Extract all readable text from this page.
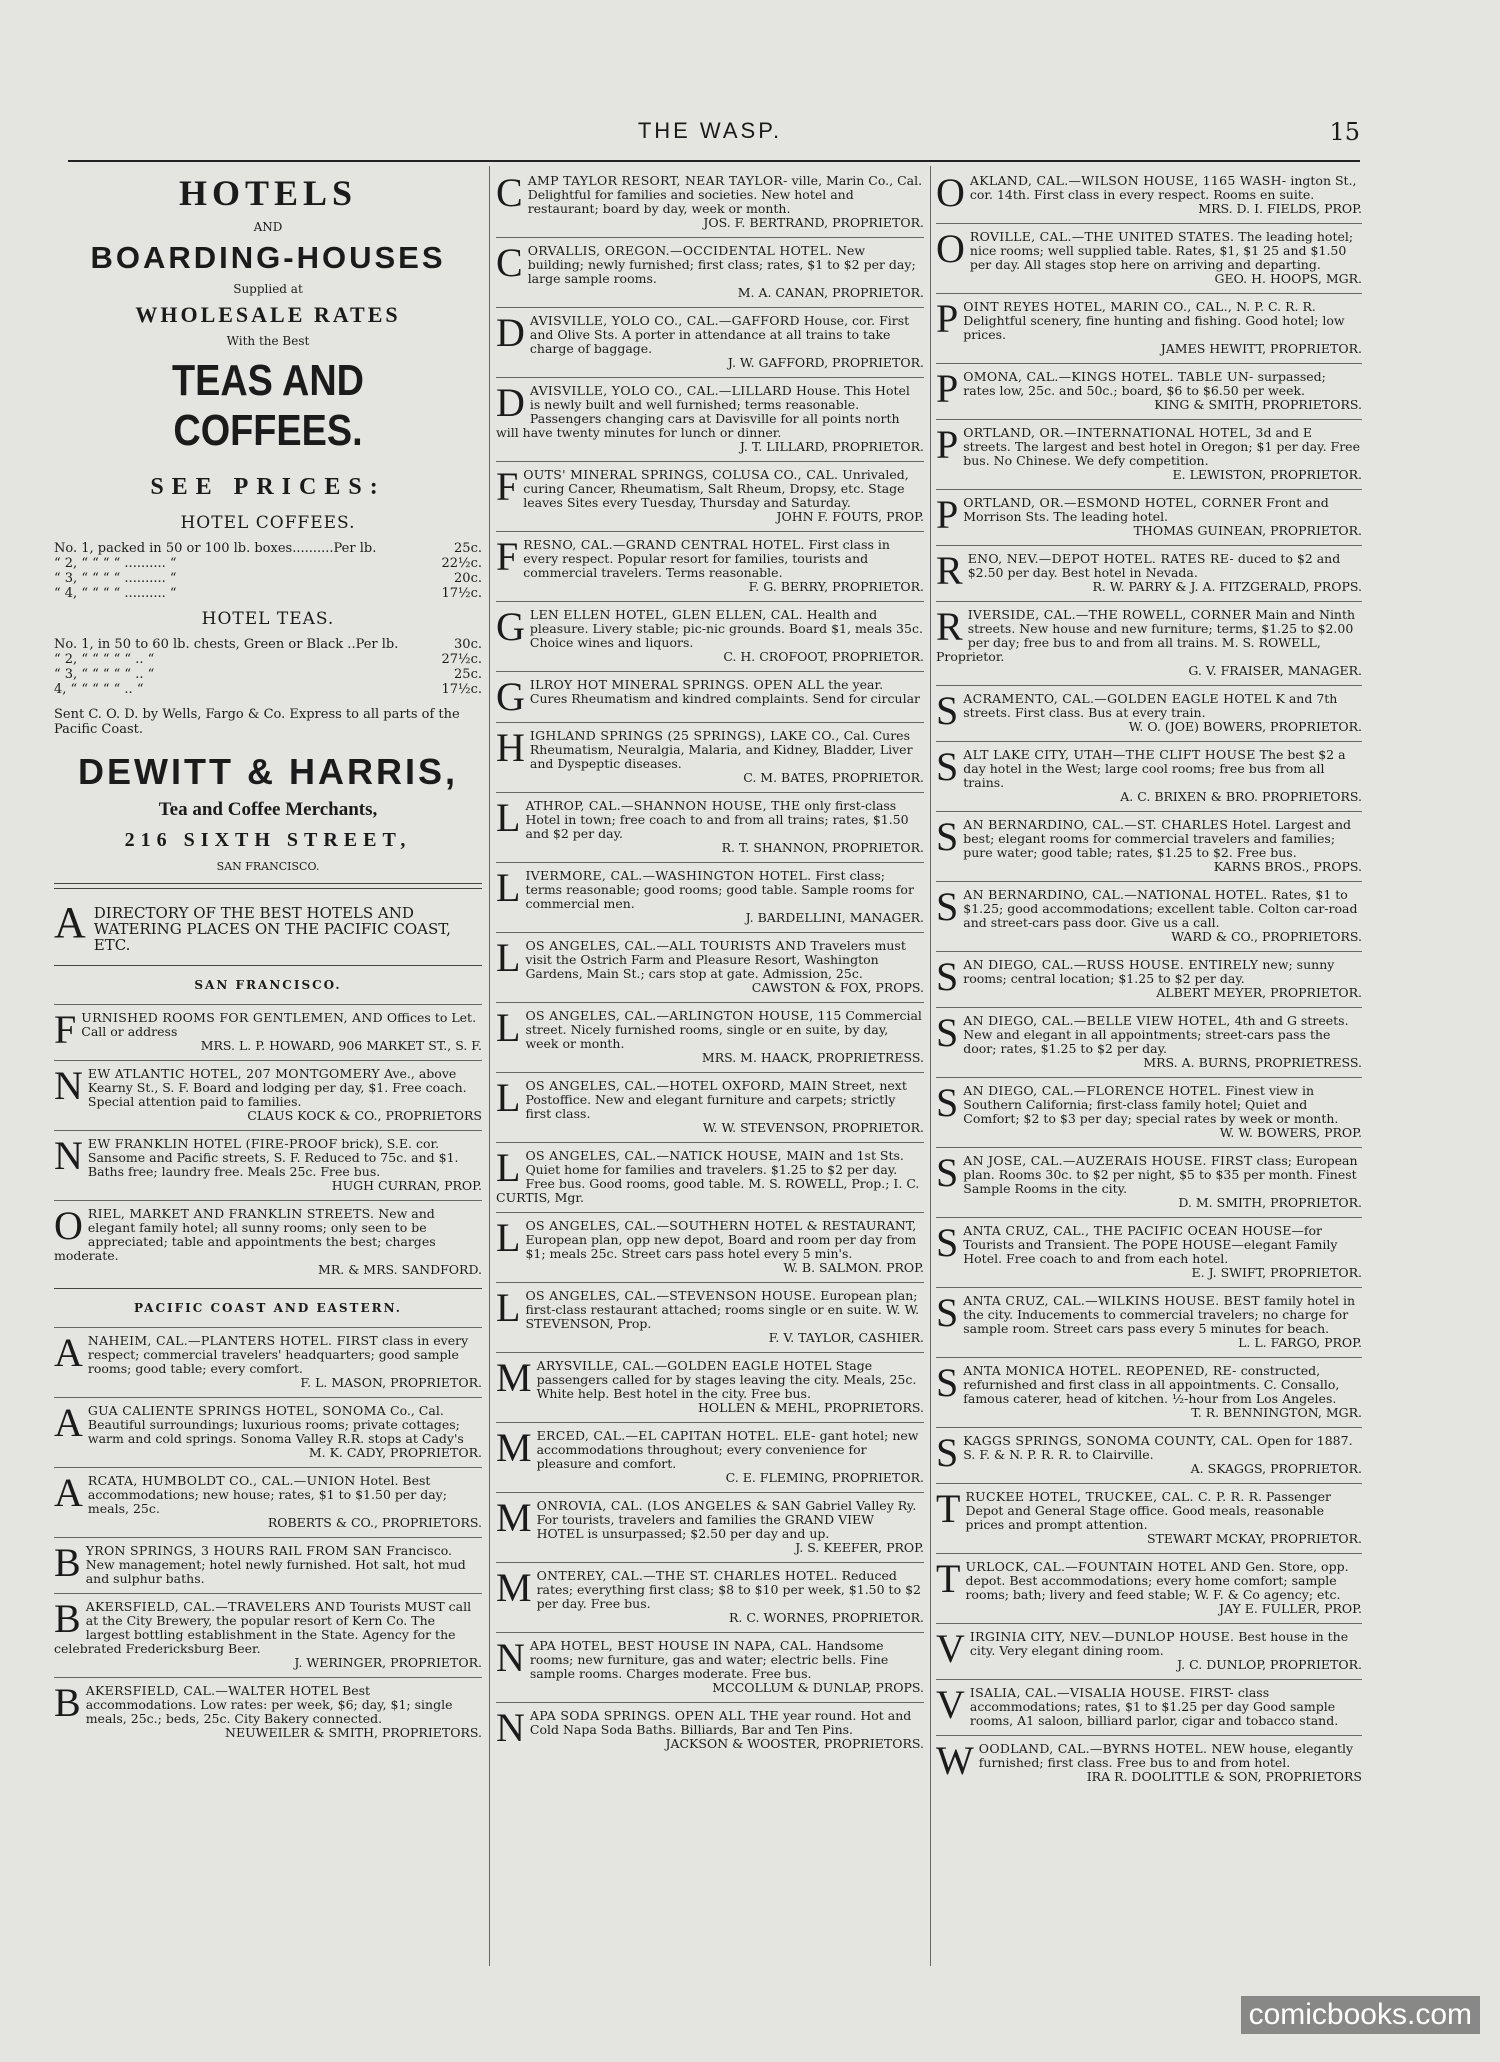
THE WASP.	15
HOTELS
AND
BOARDING-HOUSES
Supplied at
WHOLESALE RATES
With the Best
TEAS AND COFFEES.
SEE PRICES:
HOTEL COFFEES.
No. 1, packed in 50 or 100 lb. boxes..........Per lb.	25c.
“ 2, “ “ “ “ .......... “	22½c.
“ 3, “ “ “ “ .......... “	20c.
“ 4, “ “ “ “ .......... “	17½c.
HOTEL TEAS.
No. 1, in 50 to 60 lb. chests, Green or Black ..Per lb.	30c.
“ 2, “ “ “ “ “ .. “	27½c.
“ 3, “ “ “ “ “ .. “	25c.
4, “ “ “ “ “ .. “	17½c.
Sent C. O. D. by Wells, Fargo & Co. Express to all parts of the Pacific Coast.
DEWITT & HARRIS,
Tea and Coffee Merchants,
216 SIXTH STREET,
SAN FRANCISCO.
A DIRECTORY OF THE BEST HOTELS AND WATERING PLACES ON THE PACIFIC COAST, ETC.
SAN FRANCISCO.
FURNISHED ROOMS FOR GENTLEMEN, AND Offices to Let. Call or address
MRS. L. P. HOWARD, 906 MARKET ST., S. F.
NEW ATLANTIC HOTEL, 207 MONTGOMERY Ave., above Kearny St., S. F. Board and lodging per day, $1. Free coach. Special attention paid to families.
CLAUS KOCK & CO., PROPRIETORS
NEW FRANKLIN HOTEL (FIRE-PROOF brick), S.E. cor. Sansome and Pacific streets, S. F. Reduced to 75c. and $1. Baths free; laundry free. Meals 25c. Free bus.
HUGH CURRAN, PROP.
ORIEL, MARKET AND FRANKLIN STREETS. New and elegant family hotel; all sunny rooms; only seen to be appreciated; table and appointments the best; charges moderate.
MR. & MRS. SANDFORD.
PACIFIC COAST AND EASTERN.
ANAHEIM, CAL.—PLANTERS HOTEL. FIRST class in every respect; commercial travelers' headquarters; good sample rooms; good table; every comfort.
F. L. MASON, PROPRIETOR.
AGUA CALIENTE SPRINGS HOTEL, SONOMA Co., Cal. Beautiful surroundings; luxurious rooms; private cottages; warm and cold springs. Sonoma Valley R.R. stops at Cady's
M. K. CADY, PROPRIETOR.
ARCATA, HUMBOLDT CO., CAL.—UNION Hotel. Best accommodations; new house; rates, $1 to $1.50 per day; meals, 25c.
ROBERTS & CO., PROPRIETORS.
BYRON SPRINGS, 3 HOURS RAIL FROM SAN Francisco. New management; hotel newly furnished. Hot salt, hot mud and sulphur baths.
BAKERSFIELD, CAL.—TRAVELERS AND Tourists MUST call at the City Brewery, the popular resort of Kern Co. The largest bottling establishment in the State. Agency for the celebrated Fredericksburg Beer.
J. WERINGER, PROPRIETOR.
BAKERSFIELD, CAL.—WALTER HOTEL Best accommodations. Low rates: per week, $6; day, $1; single meals, 25c.; beds, 25c. City Bakery connected.
NEUWEILER & SMITH, PROPRIETORS.
CAMP TAYLOR RESORT, NEAR TAYLOR- ville, Marin Co., Cal. Delightful for families and societies. New hotel and restaurant; board by day, week or month.
JOS. F. BERTRAND, PROPRIETOR.
CORVALLIS, OREGON.—OCCIDENTAL HOTEL. New building; newly furnished; first class; rates, $1 to $2 per day; large sample rooms.
M. A. CANAN, PROPRIETOR.
DAVISVILLE, YOLO CO., CAL.—GAFFORD House, cor. First and Olive Sts. A porter in attendance at all trains to take charge of baggage.
J. W. GAFFORD, PROPRIETOR.
DAVISVILLE, YOLO CO., CAL.—LILLARD House. This Hotel is newly built and well furnished; terms reasonable. Passengers changing cars at Davisville for all points north will have twenty minutes for lunch or dinner.
J. T. LILLARD, PROPRIETOR.
FOUTS' MINERAL SPRINGS, COLUSA CO., CAL. Unrivaled, curing Cancer, Rheumatism, Salt Rheum, Dropsy, etc. Stage leaves Sites every Tuesday, Thursday and Saturday.
JOHN F. FOUTS, PROP.
FRESNO, CAL.—GRAND CENTRAL HOTEL. First class in every respect. Popular resort for families, tourists and commercial travelers. Terms reasonable.
F. G. BERRY, PROPRIETOR.
GLEN ELLEN HOTEL, GLEN ELLEN, CAL. Health and pleasure. Livery stable; pic-nic grounds. Board $1, meals 35c. Choice wines and liquors.
C. H. CROFOOT, PROPRIETOR.
GILROY HOT MINERAL SPRINGS. OPEN ALL the year. Cures Rheumatism and kindred complaints. Send for circular
HIGHLAND SPRINGS (25 SPRINGS), LAKE CO., Cal. Cures Rheumatism, Neuralgia, Malaria, and Kidney, Bladder, Liver and Dyspeptic diseases.
C. M. BATES, PROPRIETOR.
LATHROP, CAL.—SHANNON HOUSE, THE only first-class Hotel in town; free coach to and from all trains; rates, $1.50 and $2 per day.
R. T. SHANNON, PROPRIETOR.
LIVERMORE, CAL.—WASHINGTON HOTEL. First class; terms reasonable; good rooms; good table. Sample rooms for commercial men.
J. BARDELLINI, MANAGER.
LOS ANGELES, CAL.—ALL TOURISTS AND Travelers must visit the Ostrich Farm and Pleasure Resort, Washington Gardens, Main St.; cars stop at gate. Admission, 25c.
CAWSTON & FOX, PROPS.
LOS ANGELES, CAL.—ARLINGTON HOUSE, 115 Commercial street. Nicely furnished rooms, single or en suite, by day, week or month.
MRS. M. HAACK, PROPRIETRESS.
LOS ANGELES, CAL.—HOTEL OXFORD, MAIN Street, next Postoffice. New and elegant furniture and carpets; strictly first class.
W. W. STEVENSON, PROPRIETOR.
LOS ANGELES, CAL.—NATICK HOUSE, MAIN and 1st Sts. Quiet home for families and travelers. $1.25 to $2 per day. Free bus. Good rooms, good table. M. S. ROWELL, Prop.; I. C. CURTIS, Mgr.
LOS ANGELES, CAL.—SOUTHERN HOTEL & RESTAURANT, European plan, opp new depot, Board and room per day from $1; meals 25c. Street cars pass hotel every 5 min's.
W. B. SALMON. PROP.
LOS ANGELES, CAL.—STEVENSON HOUSE. European plan; first-class restaurant attached; rooms single or en suite. W. W. STEVENSON, Prop.
F. V. TAYLOR, CASHIER.
MARYSVILLE, CAL.—GOLDEN EAGLE HOTEL Stage passengers called for by stages leaving the city. Meals, 25c. White help. Best hotel in the city. Free bus.
HOLLEN & MEHL, PROPRIETORS.
MERCED, CAL.—EL CAPITAN HOTEL. ELE- gant hotel; new accommodations throughout; every convenience for pleasure and comfort.
C. E. FLEMING, PROPRIETOR.
MONROVIA, CAL. (LOS ANGELES & SAN Gabriel Valley Ry. For tourists, travelers and families the GRAND VIEW HOTEL is unsurpassed; $2.50 per day and up.
J. S. KEEFER, PROP.
MONTEREY, CAL.—THE ST. CHARLES HOTEL. Reduced rates; everything first class; $8 to $10 per week, $1.50 to $2 per day. Free bus.
R. C. WORNES, PROPRIETOR.
NAPA HOTEL, BEST HOUSE IN NAPA, CAL. Handsome rooms; new furniture, gas and water; electric bells. Fine sample rooms. Charges moderate. Free bus.
MCCOLLUM & DUNLAP, PROPS.
NAPA SODA SPRINGS. OPEN ALL THE year round. Hot and Cold Napa Soda Baths. Billiards, Bar and Ten Pins.
JACKSON & WOOSTER, PROPRIETORS.
OAKLAND, CAL.—WILSON HOUSE, 1165 WASH- ington St., cor. 14th. First class in every respect. Rooms en suite.
MRS. D. I. FIELDS, PROP.
OROVILLE, CAL.—THE UNITED STATES. The leading hotel; nice rooms; well supplied table. Rates, $1, $1 25 and $1.50 per day. All stages stop here on arriving and departing.
GEO. H. HOOPS, MGR.
POINT REYES HOTEL, MARIN CO., CAL., N. P. C. R. R. Delightful scenery, fine hunting and fishing. Good hotel; low prices.
JAMES HEWITT, PROPRIETOR.
POMONA, CAL.—KINGS HOTEL. TABLE UN- surpassed; rates low, 25c. and 50c.; board, $6 to $6.50 per week.
KING & SMITH, PROPRIETORS.
PORTLAND, OR.—INTERNATIONAL HOTEL, 3d and E streets. The largest and best hotel in Oregon; $1 per day. Free bus. No Chinese. We defy competition.
E. LEWISTON, PROPRIETOR.
PORTLAND, OR.—ESMOND HOTEL, CORNER Front and Morrison Sts. The leading hotel.
THOMAS GUINEAN, PROPRIETOR.
RENO, NEV.—DEPOT HOTEL. RATES RE- duced to $2 and $2.50 per day. Best hotel in Nevada.
R. W. PARRY & J. A. FITZGERALD, PROPS.
RIVERSIDE, CAL.—THE ROWELL, CORNER Main and Ninth streets. New house and new furniture; terms, $1.25 to $2.00 per day; free bus to and from all trains. M. S. ROWELL, Proprietor.
G. V. FRAISER, MANAGER.
SACRAMENTO, CAL.—GOLDEN EAGLE HOTEL K and 7th streets. First class. Bus at every train.
W. O. (JOE) BOWERS, PROPRIETOR.
SALT LAKE CITY, UTAH—THE CLIFT HOUSE The best $2 a day hotel in the West; large cool rooms; free bus from all trains.
A. C. BRIXEN & BRO. PROPRIETORS.
SAN BERNARDINO, CAL.—ST. CHARLES Hotel. Largest and best; elegant rooms for commercial travelers and families; pure water; good table; rates, $1.25 to $2. Free bus.
KARNS BROS., PROPS.
SAN BERNARDINO, CAL.—NATIONAL HOTEL. Rates, $1 to $1.25; good accommodations; excellent table. Colton car-road and street-cars pass door. Give us a call.
WARD & CO., PROPRIETORS.
SAN DIEGO, CAL.—RUSS HOUSE. ENTIRELY new; sunny rooms; central location; $1.25 to $2 per day.
ALBERT MEYER, PROPRIETOR.
SAN DIEGO, CAL.—BELLE VIEW HOTEL, 4th and G streets. New and elegant in all appointments; street-cars pass the door; rates, $1.25 to $2 per day.
MRS. A. BURNS, PROPRIETRESS.
SAN DIEGO, CAL.—FLORENCE HOTEL. Finest view in Southern California; first-class family hotel; Quiet and Comfort; $2 to $3 per day; special rates by week or month.
W. W. BOWERS, PROP.
SAN JOSE, CAL.—AUZERAIS HOUSE. FIRST class; European plan. Rooms 30c. to $2 per night, $5 to $35 per month. Finest Sample Rooms in the city.
D. M. SMITH, PROPRIETOR.
SANTA CRUZ, CAL., THE PACIFIC OCEAN HOUSE—for Tourists and Transient. The POPE HOUSE—elegant Family Hotel. Free coach to and from each hotel.
E. J. SWIFT, PROPRIETOR.
SANTA CRUZ, CAL.—WILKINS HOUSE. BEST family hotel in the city. Inducements to commercial travelers; no charge for sample room. Street cars pass every 5 minutes for beach.
L. L. FARGO, PROP.
SANTA MONICA HOTEL. REOPENED, RE- constructed, refurnished and first class in all appointments. C. Consallo, famous caterer, head of kitchen. ½-hour from Los Angeles.
T. R. BENNINGTON, MGR.
SKAGGS SPRINGS, SONOMA COUNTY, CAL. Open for 1887. S. F. & N. P. R. R. to Clairville.
A. SKAGGS, PROPRIETOR.
TRUCKEE HOTEL, TRUCKEE, CAL. C. P. R. R. Passenger Depot and General Stage office. Good meals, reasonable prices and prompt attention.
STEWART MCKAY, PROPRIETOR.
TURLOCK, CAL.—FOUNTAIN HOTEL AND Gen. Store, opp. depot. Best accommodations; every home comfort; sample rooms; bath; livery and feed stable; W. F. & Co agency; etc.
JAY E. FULLER, PROP.
VIRGINIA CITY, NEV.—DUNLOP HOUSE. Best house in the city. Very elegant dining room.
J. C. DUNLOP, PROPRIETOR.
VISALIA, CAL.—VISALIA HOUSE. FIRST- class accommodations; rates, $1 to $1.25 per day Good sample rooms, A1 saloon, billiard parlor, cigar and tobacco stand.
WOODLAND, CAL.—BYRNS HOTEL. NEW house, elegantly furnished; first class. Free bus to and from hotel.
IRA R. DOOLITTLE & SON, PROPRIETORS
comicbooks.com
